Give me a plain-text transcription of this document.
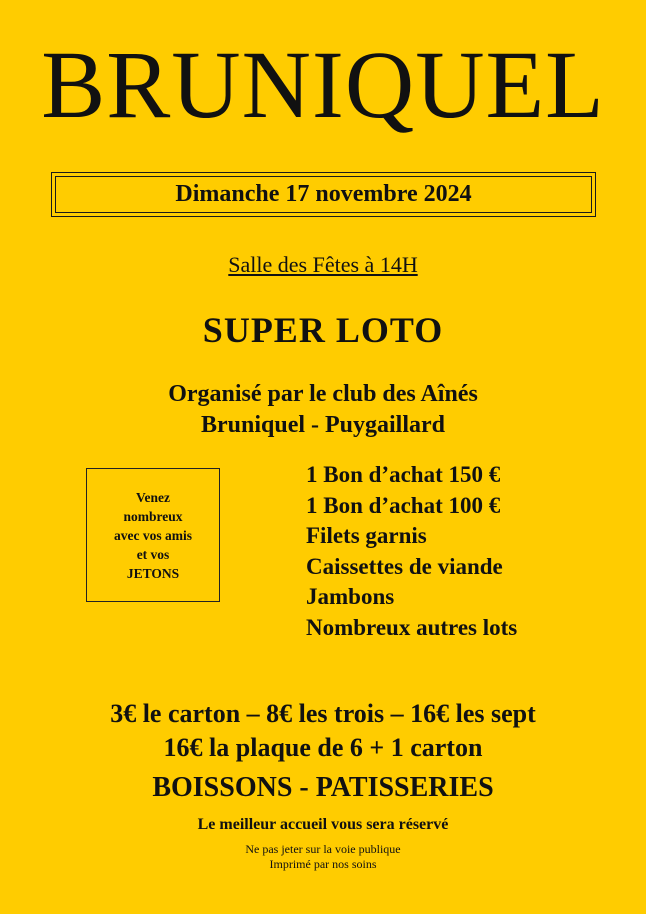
BRUNIQUEL
Dimanche 17 novembre 2024
Salle des Fêtes à 14H
SUPER LOTO
Organisé par le club des Aînés
Bruniquel - Puygaillard
Venez
nombreux
avec vos amis
et vos
JETONS
1 Bon d’achat 150 €
1 Bon d’achat 100 €
Filets garnis
Caissettes de viande
Jambons
Nombreux autres lots
3€ le carton – 8€ les trois – 16€ les sept
16€ la plaque de 6 + 1 carton
BOISSONS - PATISSERIES
Le meilleur accueil vous sera réservé
Ne pas jeter sur la voie publique
Imprimé par nos soins
